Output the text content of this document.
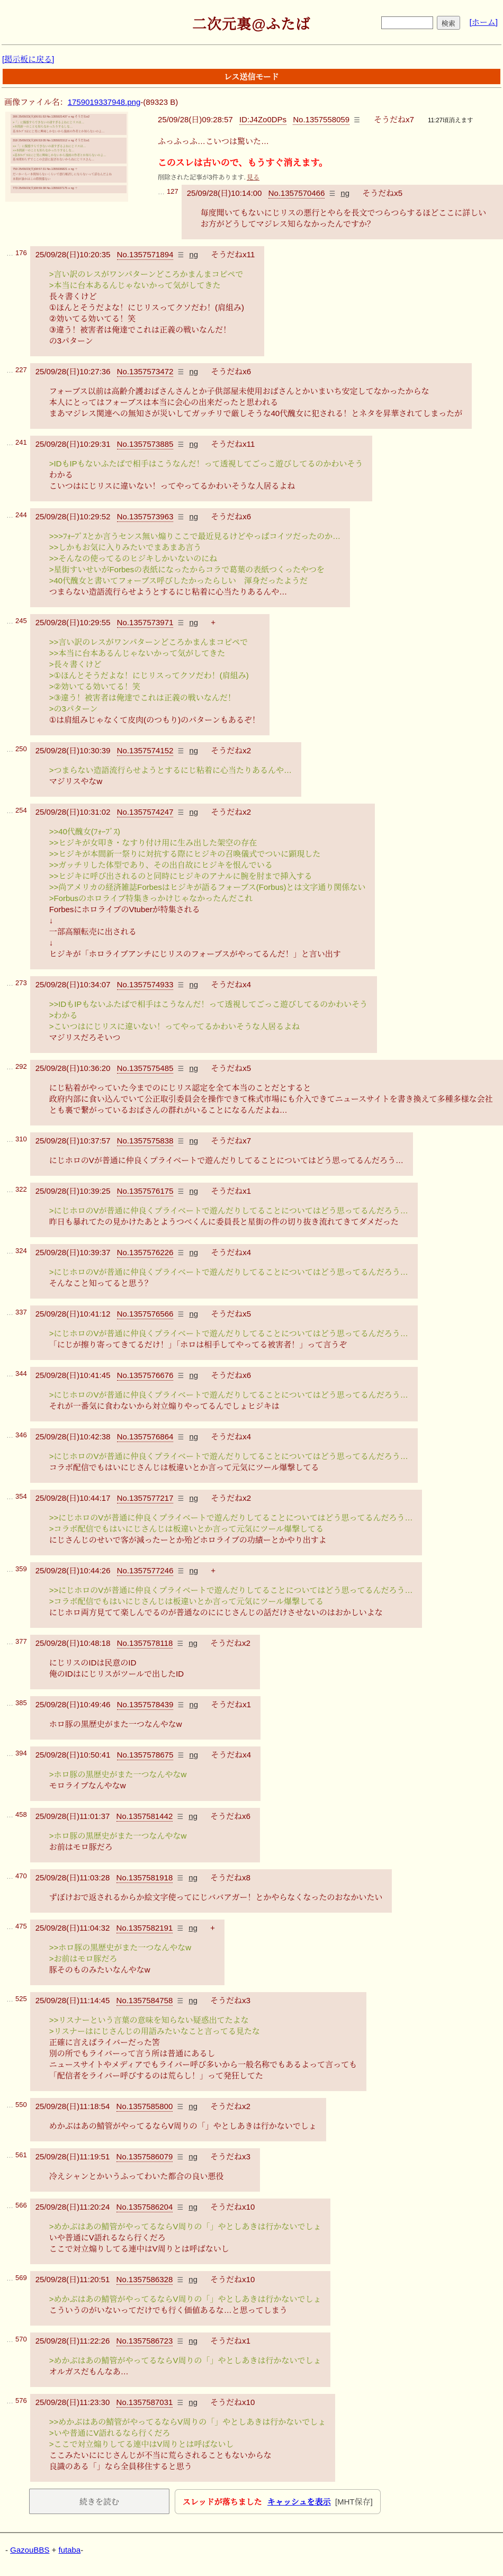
二次元裏@ふたば	検索 [ホーム]
[掲示板に戻る]
レス送信モード
画像ファイル名：1759019337948.png-(89323 B)
306 25/09/23(火)06:51:53 No.1355921437 ≡ ng そうだねx2
>「」に擬態すらできないの凄すぎるよねにじリスは…
>本間新一のことも知らなかったりするしな…
基本ｶｯﾌﾟｽはにじ男に興味しかないから漫画の作者とか知らないのよ…
318 25/09/23(火)06:53:05 No.1355921512 ≡ ng そうだねx1
>>「」に擬態すらできないの凄すぎるよねにじリスは…
>>本間新一のことも知らなかったりするしな…
>基本ｶｯﾌﾟｽはにじ男に興味しかないから漫画の作者とか知らないのよ…
基本間知らずでここの会話に混ざれないからねにじリスさん…
759 25/09/23(火)08:57:31 No.1355936821 ≡ ng ＋
だーかーらー本間知らないくらいで悪行帳消しにならないって話なんだよね
本間が誰かはこの際関係ない
773 25/09/23(火)08:59:38 No.1355937175 ≡ ng ＋
25/09/28(日)09:28:57 ID:J4Zo0DPs No.1357558059 ☰ そうだねx7 11:27頃消えます
ふっふっふ…こいつは驚いた…
このスレは古いので、もうすぐ消えます。
削除された記事が3件あります. 見る
… 127	25/09/28(日)10:14:00 No.1357570466 ☰ ng そうだねx5
毎度聞いてもないにじリスの悪行とやらを長文でつらつらするほどここに詳しいお方がどうしてマジレス知らなかったんですか？
… 176	25/09/28(日)10:20:35 No.1357571894 ☰ ng そうだねx11
>言い訳のレスがワンパターンどころかまんまコピペで
>本当に台本あるんじゃないかって気がしてきた
長々書くけど
①ほんとそうだよな！にじリスってクソだわ！(肩組み)
②効いてる効いてる！笑
③違う！被害者は俺達でこれは正義の戦いなんだ！
の3パターン
… 227	25/09/28(日)10:27:36 No.1357573472 ☰ ng そうだねx6
フォーブス以前は高齢介護おばさんさんとか子供部屋未使用おばさんとかいまいち安定してなかったからな
本人にとってはフォーブスは本当に会心の出来だったと思われる
まあマジレス関連への無知さが災いしてガッチリで厳しそうな40代醜女に犯される！とネタを昇華されてしまったが
… 241	25/09/28(日)10:29:31 No.1357573885 ☰ ng そうだねx11
>IDもIPもないふたばで相手はこうなんだ！って透視してごっこ遊びしてるのかわいそう
わかる
こいつはにじリスに違いない！ってやってるかわいそうな人居るよね
… 244	25/09/28(日)10:29:52 No.1357573963 ☰ ng そうだねx6
>>>ﾌｫｰﾌﾞｽとか言うセンス無い煽りここで最近見るけどやっぱコイツだったのか…
>>しかもお気に入りみたいでまあまあ言う
>>そんなの使ってるのヒジキしかいないのにね
>星街すいせいがForbesの表紙になったからコラで葛葉の表紙つくったやつを
>40代醜女と書いてフォーブス呼びしたかったらしい　渾身だったようだ
つまらない造語流行らせようとするにじ粘着に心当たりあるんや…
… 245	25/09/28(日)10:29:55 No.1357573971 ☰ ng +
>>言い訳のレスがワンパターンどころかまんまコピペで
>>本当に台本あるんじゃないかって気がしてきた
>長々書くけど
>①ほんとそうだよな！にじリスってクソだわ！(肩組み)
>②効いてる効いてる！笑
>③違う！被害者は俺達でこれは正義の戦いなんだ！
>の3パターン
①は肩組みじゃなくて皮肉(のつもり)のパターンもあるぞ！
… 250	25/09/28(日)10:30:39 No.1357574152 ☰ ng そうだねx2
>つまらない造語流行らせようとするにじ粘着に心当たりあるんや…
マジリスやなw
… 254	25/09/28(日)10:31:02 No.1357574247 ☰ ng そうだねx2
>>40代醜女(ﾌｫｰﾌﾞｽ)
>>ヒジキが女叩き・なすり付け用に生み出した架空の存在
>>ヒジキが本間新一祭りに対抗する際にヒジキの召喚儀式でついに顕現した
>>ガッチリした体型であり、その出自故にヒジキを恨んでいる
>>ヒジキに呼び出されるのと同時にヒジキのアナルに腕を肘まで挿入する
>>尚アメリカの経済雑誌Forbesはヒジキが語るフォーブス(Forbus)とは文字通り関係ない
>Forbusのホロライブ特集きっかけじゃなかったんだこれ
ForbesにホロライブのVtuberが特集される
↓
一部高額転売に出される
↓
ヒジキが「ホロライブアンチにじリスのフォーブスがやってるんだ！」と言い出す
… 273	25/09/28(日)10:34:07 No.1357574933 ☰ ng そうだねx4
>>IDもIPもないふたばで相手はこうなんだ！って透視してごっこ遊びしてるのかわいそう
>わかる
>こいつはにじリスに違いない！ってやってるかわいそうな人居るよね
マジリスだろそいつ
… 292	25/09/28(日)10:36:20 No.1357575485 ☰ ng そうだねx5
にじ粘着がやっていた今までのにじリス認定を全て本当のことだとすると
政府内部に食い込んでいて公正取引委員会を操作できて株式市場にも介入できてニュースサイトを書き換えて多種多様な会社とも裏で繋がっているおばさんの群れがいることになるんだよね…
… 310	25/09/28(日)10:37:57 No.1357575838 ☰ ng そうだねx7
にじホロのVが普通に仲良くプライベートで遊んだりしてることについてはどう思ってるんだろう…
… 322	25/09/28(日)10:39:25 No.1357576175 ☰ ng そうだねx1
>にじホロのVが普通に仲良くプライベートで遊んだりしてることについてはどう思ってるんだろう…
昨日も暴れてたの見かけたあとようつべくんに委員長と星街の件の切り抜き流れてきてダメだった
… 324	25/09/28(日)10:39:37 No.1357576226 ☰ ng そうだねx4
>にじホロのVが普通に仲良くプライベートで遊んだりしてることについてはどう思ってるんだろう…
そんなこと知ってると思う？
… 337	25/09/28(日)10:41:12 No.1357576566 ☰ ng そうだねx5
>にじホロのVが普通に仲良くプライベートで遊んだりしてることについてはどう思ってるんだろう…
「にじが擦り寄ってきてるだけ！」「ホロは相手してやってる被害者！」って言うぞ
… 344	25/09/28(日)10:41:45 No.1357576676 ☰ ng そうだねx6
>にじホロのVが普通に仲良くプライベートで遊んだりしてることについてはどう思ってるんだろう…
それが一番気に食わないから対立煽りやってるんでしょヒジキは
… 346	25/09/28(日)10:42:38 No.1357576864 ☰ ng そうだねx4
>にじホロのVが普通に仲良くプライベートで遊んだりしてることについてはどう思ってるんだろう…
コラボ配信でもはいにじさんじは板違いとか言って元気にツール爆撃してる
… 354	25/09/28(日)10:44:17 No.1357577217 ☰ ng そうだねx2
>>にじホロのVが普通に仲良くプライベートで遊んだりしてることについてはどう思ってるんだろう…
>コラボ配信でもはいにじさんじは板違いとか言って元気にツール爆撃してる
にじさんじのせいで客が減ったーとか殆どホロライブの功績ーとかやり出すよ
… 359	25/09/28(日)10:44:26 No.1357577246 ☰ ng +
>>にじホロのVが普通に仲良くプライベートで遊んだりしてることについてはどう思ってるんだろう…
>コラボ配信でもはいにじさんじは板違いとか言って元気にツール爆撃してる
にじホロ両方見てて楽しんでるのが普通なのににじさんじの話だけさせないのはおかしいよな
… 377	25/09/28(日)10:48:18 No.1357578118 ☰ ng そうだねx2
にじリスのIDは民意のID
俺のIDはにじリスがツールで出したID
… 385	25/09/28(日)10:49:46 No.1357578439 ☰ ng そうだねx1
ホロ豚の黒歴史がまた一つなんやなw
… 394	25/09/28(日)10:50:41 No.1357578675 ☰ ng そうだねx4
>ホロ豚の黒歴史がまた一つなんやなw
モロライブなんやなw
… 458	25/09/28(日)11:01:37 No.1357581442 ☰ ng そうだねx6
>ホロ豚の黒歴史がまた一つなんやなw
お前はモロ豚だろ
… 470	25/09/28(日)11:03:28 No.1357581918 ☰ ng そうだねx8
ずぼけおで返されるからか絵文字使ってにじババアガー！とかやらなくなったのおなかいたい
… 475	25/09/28(日)11:04:32 No.1357582191 ☰ ng +
>>ホロ豚の黒歴史がまた一つなんやなw
>お前はモロ豚だろ
豚そのものみたいなんやなw
… 525	25/09/28(日)11:14:45 No.1357584758 ☰ ng そうだねx3
>>リスナーという言葉の意味を知らない疑惑出てたよな
>リスナーはにじさんじの用語みたいなこと言ってる見たな
正確に言えばライバーだった筈
別の所でもライバーって言う所は普通にあるし
ニュースサイトやメディアでもライバー呼び多いから一般名称でもあるよって言っても
「配信者をライバー呼びするのは荒らし！」って発狂してた
… 550	25/09/28(日)11:18:54 No.1357585800 ☰ ng そうだねx2
めかぶはあの鯖管がやってるならV周りの「」やとしあきは行かないでしょ
… 561	25/09/28(日)11:19:51 No.1357586079 ☰ ng そうだねx3
冷えシャンとかいうふってわいた都合の良い悪役
… 566	25/09/28(日)11:20:24 No.1357586204 ☰ ng そうだねx10
>めかぶはあの鯖管がやってるならV周りの「」やとしあきは行かないでしょ
いや普通にV語れるなら行くだろ
ここで対立煽りしてる連中はV周りとは呼ばないし
… 569	25/09/28(日)11:20:51 No.1357586328 ☰ ng そうだねx10
>めかぶはあの鯖管がやってるならV周りの「」やとしあきは行かないでしょ
こういうのがいないってだけでも行く価値あるな…と思ってしまう
… 570	25/09/28(日)11:22:26 No.1357586723 ☰ ng そうだねx1
>めかぶはあの鯖管がやってるならV周りの「」やとしあきは行かないでしょ
オルガスだもんなあ…
… 576	25/09/28(日)11:23:30 No.1357587031 ☰ ng そうだねx10
>>めかぶはあの鯖管がやってるならV周りの「」やとしあきは行かないでしょ
>いや普通にV語れるなら行くだろ
>ここで対立煽りしてる連中はV周りとは呼ばないし
ここみたいににじさんじが不当に荒らされることもないからな
良識のある「」なら全員移住すると思う
続きを読む	スレッドが落ちました キャッシュを表示 [MHT保存]
- GazouBBS + futaba-
